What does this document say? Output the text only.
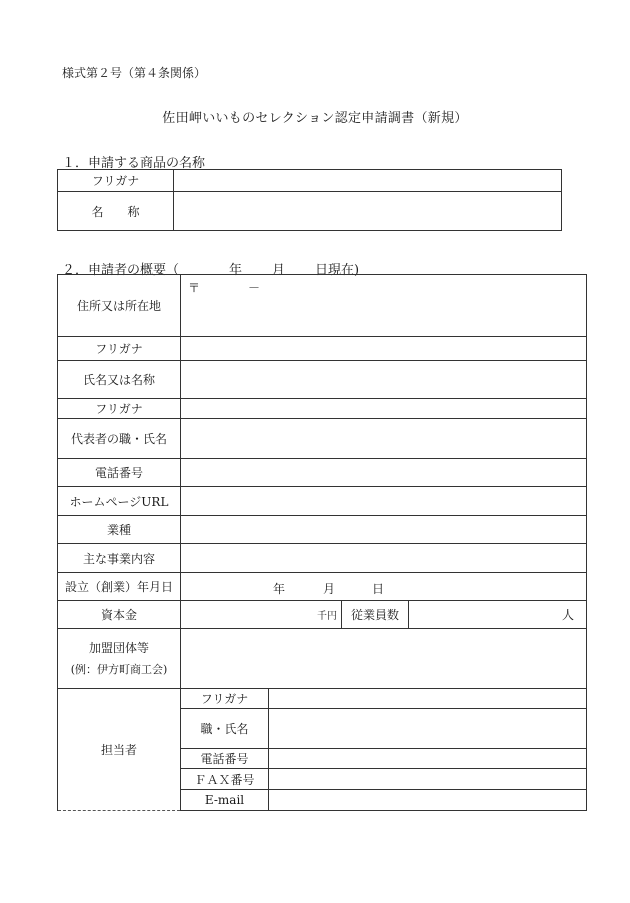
様式第２号（第４条関係）
佐田岬いいものセレクション認定申請調書（新規）
１．申請する商品の名称
フリガナ	
名　　称	
２．申請者の概要（	年 月 日現在)
住所又は所在地	〒 －			

フリガナ				
氏名又は名称				
フリガナ				
代表者の職・氏名				
電話番号				
ホームページURL				
業種				
主な事業内容				
設立（創業）年月日	年 月 日			

資本金	千円		従業員数	人

加盟団体等
(例：伊方町商工会)				

担当者	フリガナ			
	職・氏名			
	電話番号			
	ＦＡＸ番号			
	E-mail			
